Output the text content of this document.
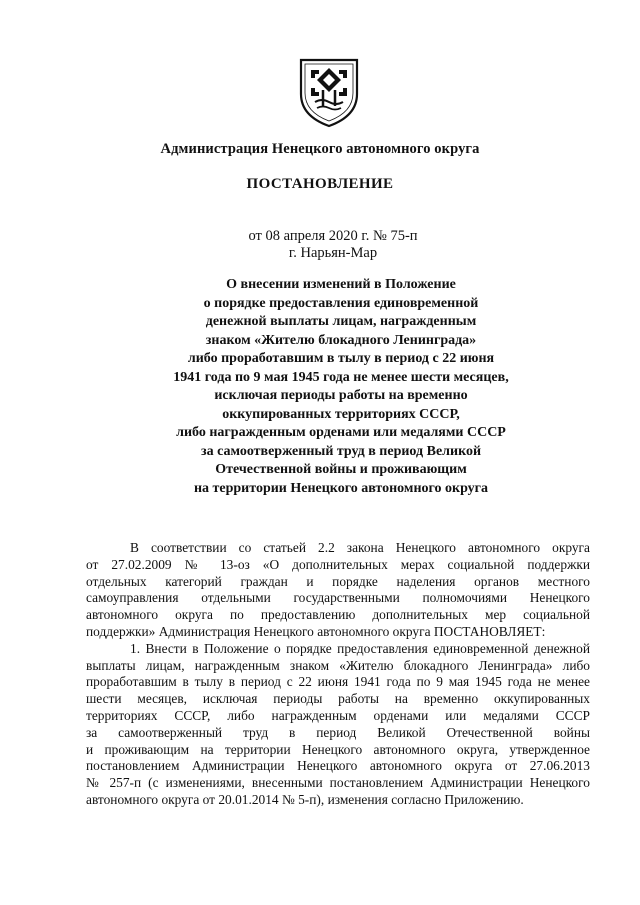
Администрация Ненецкого автономного округа
ПОСТАНОВЛЕНИЕ
от 08 апреля 2020 г. № 75-п
г. Нарьян-Мар
О внесении изменений в Положение
о порядке предоставления единовременной
денежной выплаты лицам, награжденным
знаком «Жителю блокадного Ленинграда»
либо проработавшим в тылу в период с 22 июня
1941 года по 9 мая 1945 года не менее шести месяцев,
исключая периоды работы на временно
оккупированных территориях СССР,
либо награжденным орденами или медалями СССР
за самоотверженный труд в период Великой
Отечественной войны и проживающим
на территории Ненецкого автономного округа
В соответствии со статьей 2.2 закона Ненецкого автономного округа
от 27.02.2009 № 13-оз «О дополнительных мерах социальной поддержки
отдельных категорий граждан и порядке наделения органов местного
самоуправления отдельными государственными полномочиями Ненецкого
автономного округа по предоставлению дополнительных мер социальной
поддержки» Администрация Ненецкого автономного округа ПОСТАНОВЛЯЕТ:
1. Внести в Положение о порядке предоставления единовременной денежной
выплаты лицам, награжденным знаком «Жителю блокадного Ленинграда» либо
проработавшим в тылу в период с 22 июня 1941 года по 9 мая 1945 года не менее
шести месяцев, исключая периоды работы на временно оккупированных
территориях СССР, либо награжденным орденами или медалями СССР
за самоотверженный труд в период Великой Отечественной войны
и проживающим на территории Ненецкого автономного округа, утвержденное
постановлением Администрации Ненецкого автономного округа от 27.06.2013
№ 257-п (с изменениями, внесенными постановлением Администрации Ненецкого
автономного округа от 20.01.2014 № 5-п), изменения согласно Приложению.
